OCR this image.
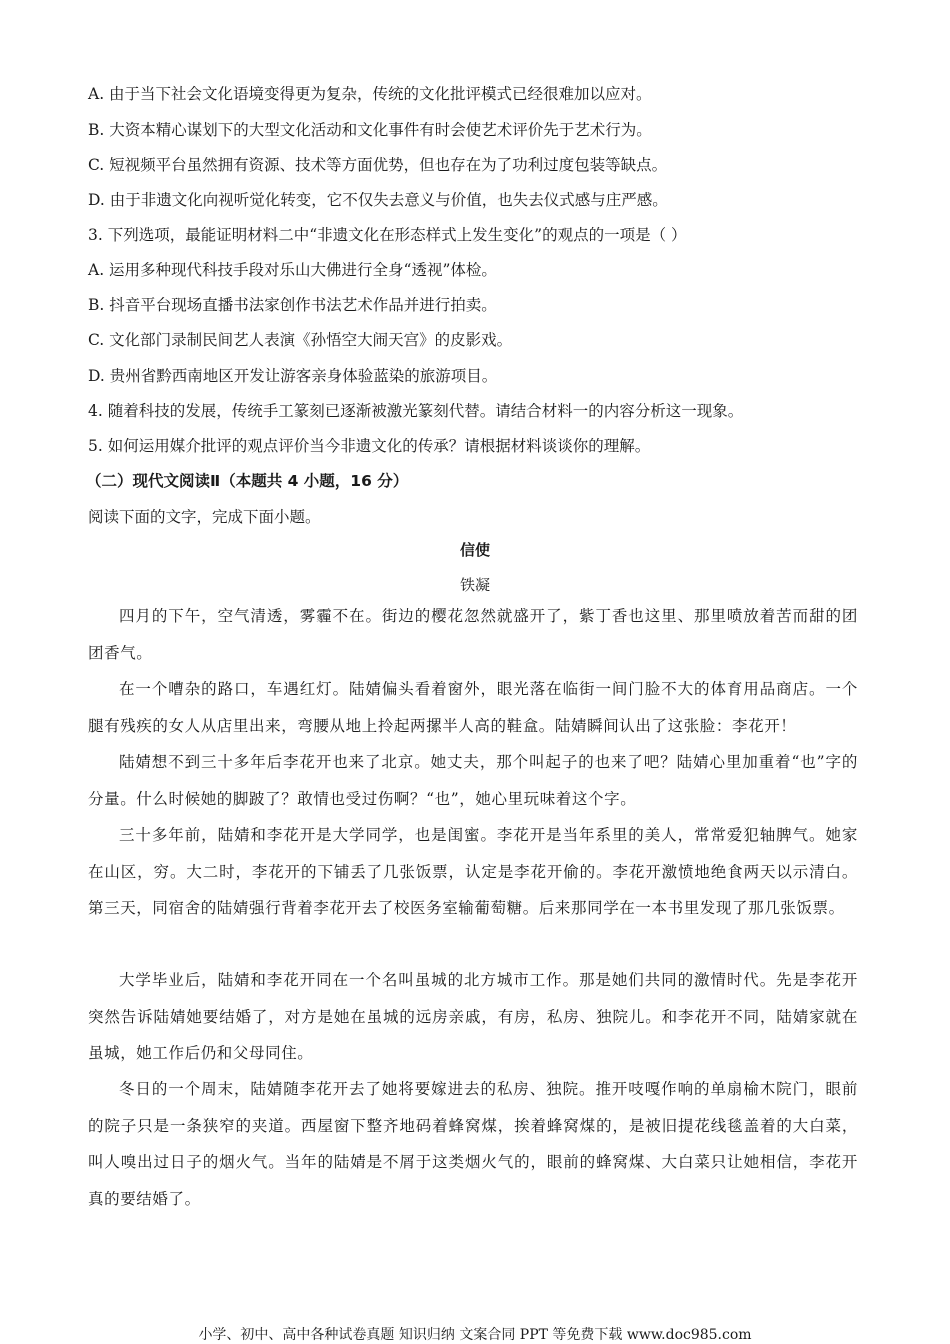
A. 由于当下社会文化语境变得更为复杂，传统的文化批评模式已经很难加以应对。
B. 大资本精心谋划下的大型文化活动和文化事件有时会使艺术评价先于艺术行为。
C. 短视频平台虽然拥有资源、技术等方面优势，但也存在为了功利过度包装等缺点。
D. 由于非遗文化向视听觉化转变，它不仅失去意义与价值，也失去仪式感与庄严感。
3. 下列选项，最能证明材料二中“非遗文化在形态样式上发生变化”的观点的一项是（ ）
A. 运用多种现代科技手段对乐山大佛进行全身“透视”体检。
B. 抖音平台现场直播书法家创作书法艺术作品并进行拍卖。
C. 文化部门录制民间艺人表演《孙悟空大闹天宫》的皮影戏。
D. 贵州省黔西南地区开发让游客亲身体验蓝染的旅游项目。
4. 随着科技的发展，传统手工篆刻已逐渐被激光篆刻代替。请结合材料一的内容分析这一现象。
5. 如何运用媒介批评的观点评价当今非遗文化的传承？请根据材料谈谈你的理解。
（二）现代文阅读Ⅱ（本题共 4 小题，16 分）
阅读下面的文字，完成下面小题。
信使
铁凝
四月的下午，空气清透，雾霾不在。街边的樱花忽然就盛开了，紫丁香也这里、那里喷放着苦而甜的团团香气。
在一个嘈杂的路口，车遇红灯。陆婧偏头看着窗外，眼光落在临街一间门脸不大的体育用品商店。一个腿有残疾的女人从店里出来，弯腰从地上拎起两摞半人高的鞋盒。陆婧瞬间认出了这张脸：李花开！
陆婧想不到三十多年后李花开也来了北京。她丈夫，那个叫起子的也来了吧？陆婧心里加重着“也”字的分量。什么时候她的脚跛了？敢情也受过伤啊？“也”，她心里玩味着这个字。
三十多年前，陆婧和李花开是大学同学，也是闺蜜。李花开是当年系里的美人，常常爱犯轴脾气。她家在山区，穷。大二时，李花开的下铺丢了几张饭票，认定是李花开偷的。李花开激愤地绝食两天以示清白。第三天，同宿舍的陆婧强行背着李花开去了校医务室输葡萄糖。后来那同学在一本书里发现了那几张饭票。
大学毕业后，陆婧和李花开同在一个名叫虽城的北方城市工作。那是她们共同的激情时代。先是李花开突然告诉陆婧她要结婚了，对方是她在虽城的远房亲戚，有房，私房、独院儿。和李花开不同，陆婧家就在虽城，她工作后仍和父母同住。
冬日的一个周末，陆婧随李花开去了她将要嫁进去的私房、独院。推开吱嘎作响的单扇榆木院门，眼前的院子只是一条狭窄的夹道。西屋窗下整齐地码着蜂窝煤，挨着蜂窝煤的，是被旧提花线毯盖着的大白菜，叫人嗅出过日子的烟火气。当年的陆婧是不屑于这类烟火气的，眼前的蜂窝煤、大白菜只让她相信，李花开真的要结婚了。
小学、初中、高中各种试卷真题 知识归纳 文案合同 PPT 等免费下载 www.doc985.com
